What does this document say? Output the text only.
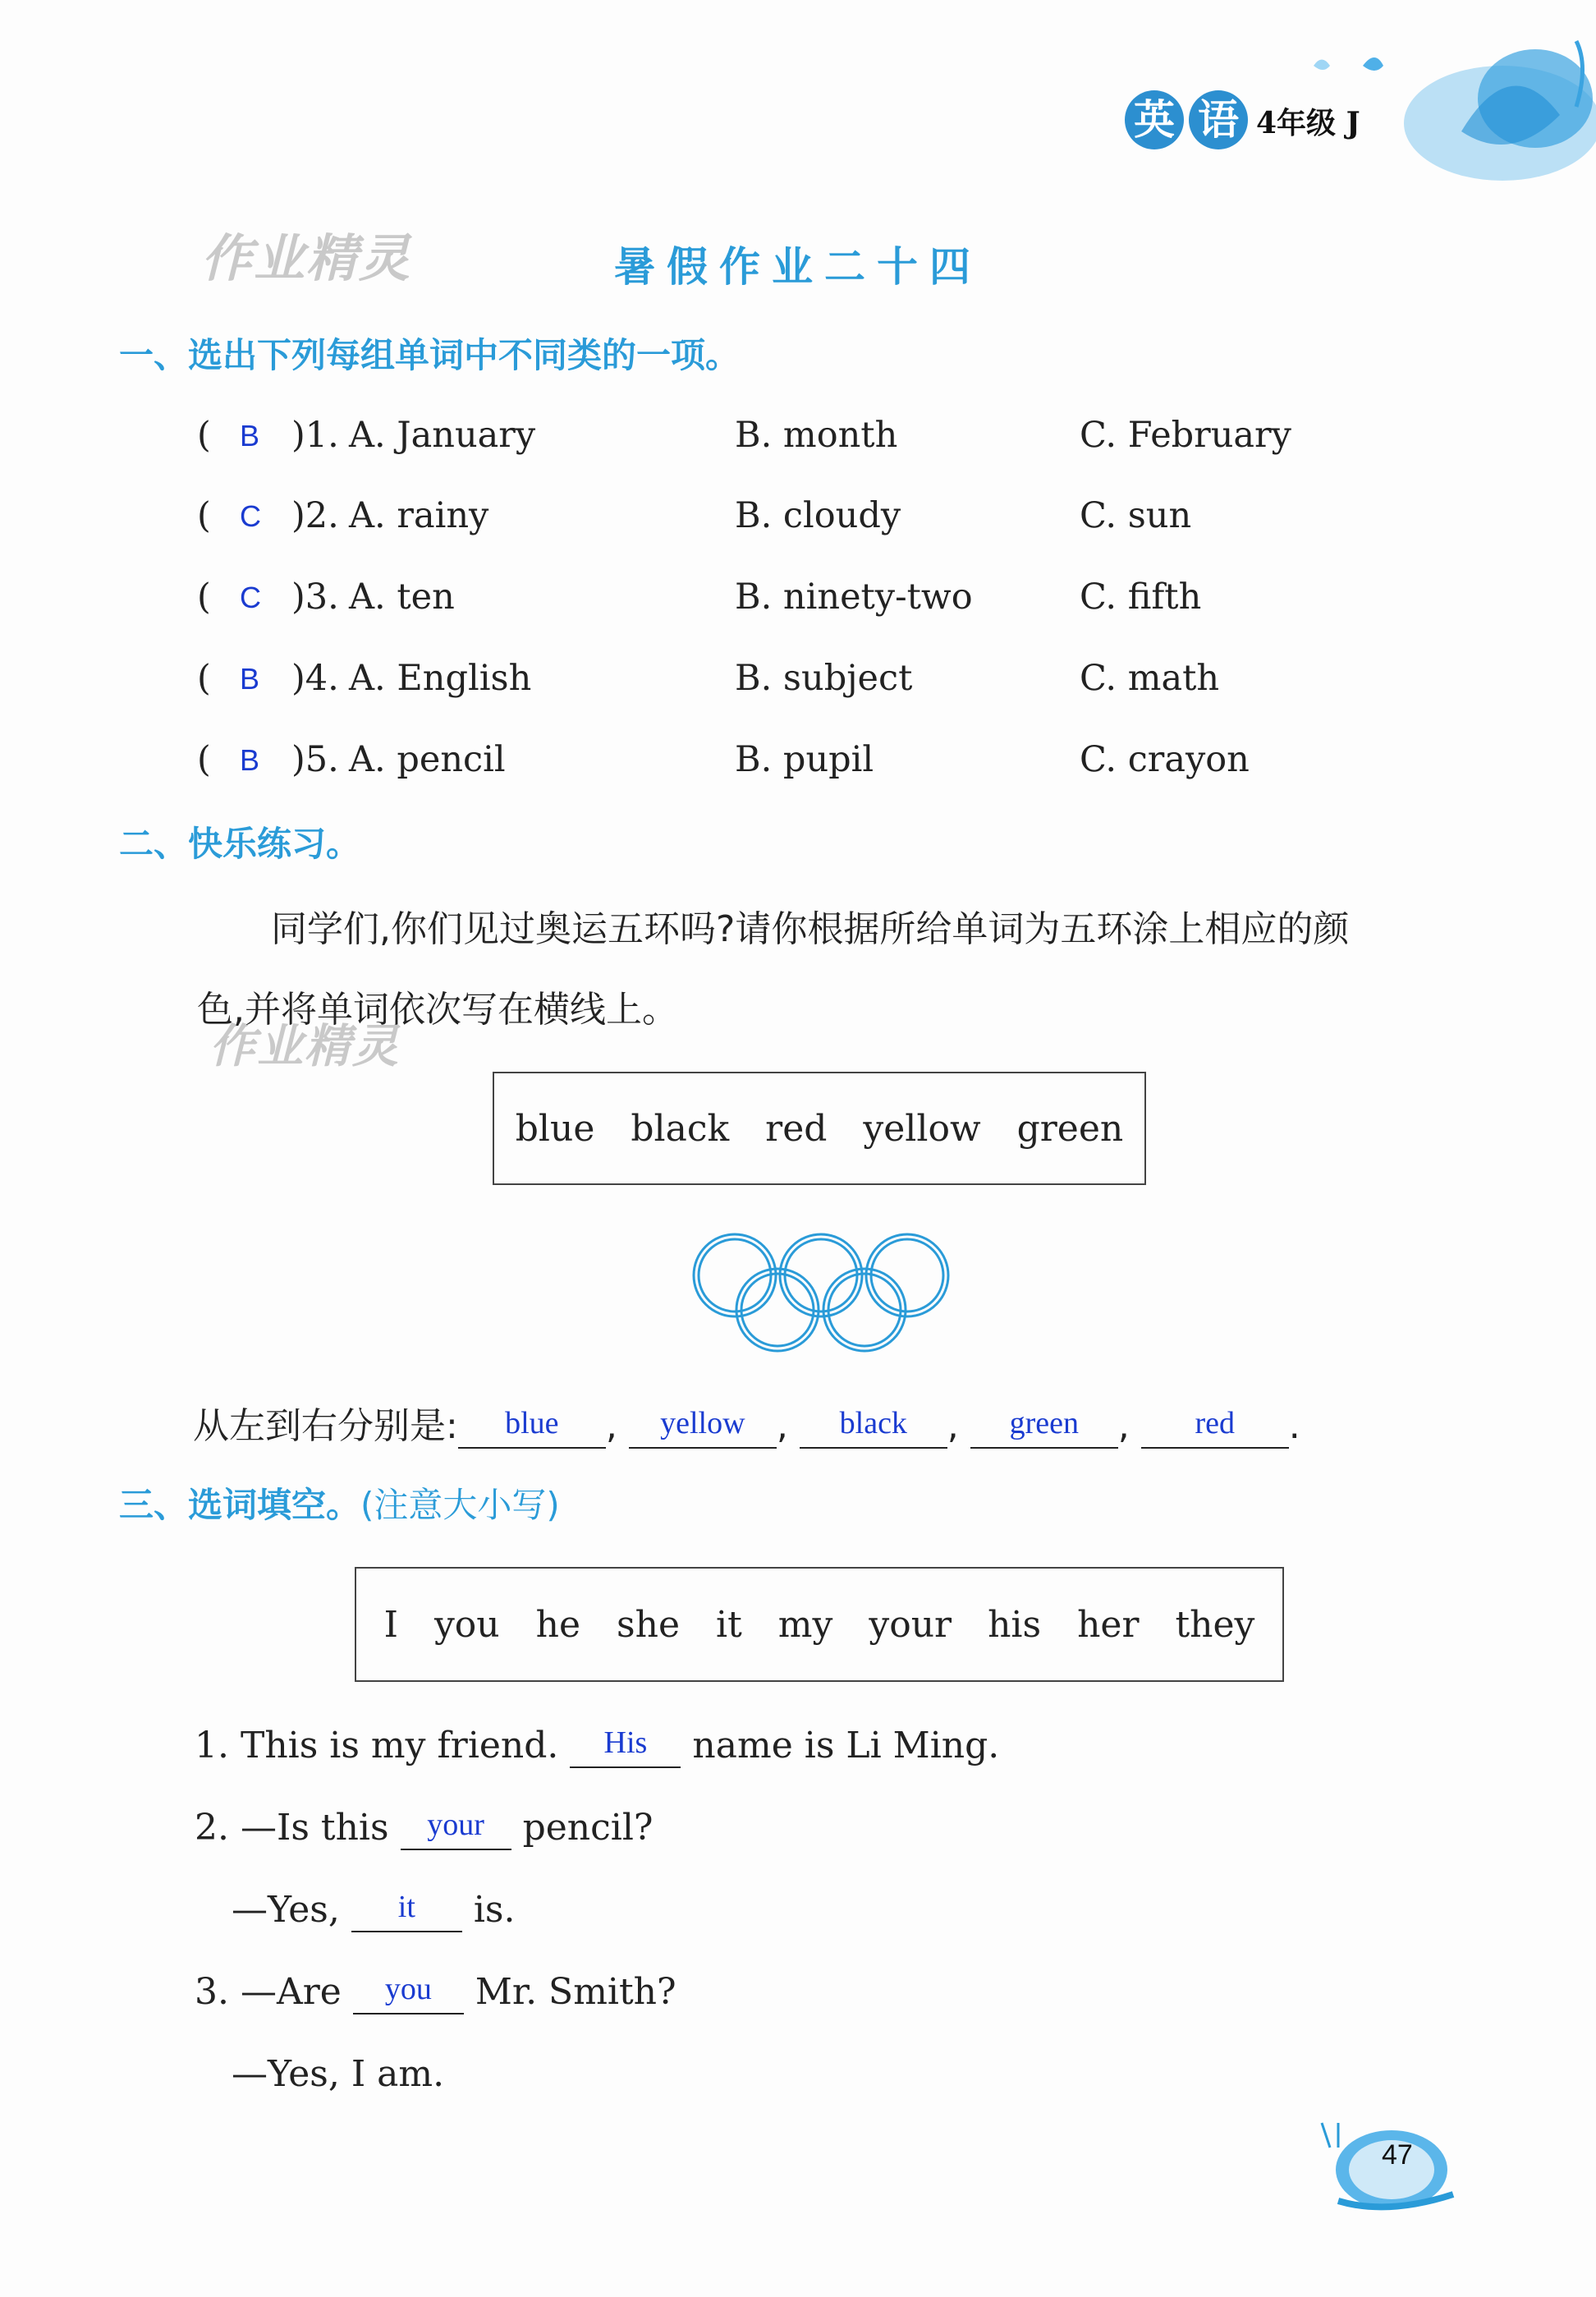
英 语 4年级 J
作业精灵
作业精灵
暑假作业二十四
一、选出下列每组单词中不同类的一项。
( B )1. A. January	B. month	C. February
( C )2. A. rainy	B. cloudy	C. sun
( C )3. A. ten	B. ninety-two	C. fifth
( B )4. A. English	B. subject	C. math
( B )5. A. pencil	B. pupil	C. crayon
二、快乐练习。
同学们,你们见过奥运五环吗?请你根据所给单词为五环涂上相应的颜
色,并将单词依次写在横线上。
blue black red yellow green
从左到右分别是: blue , yellow , black , green , red .
三、选词填空。(注意大小写)
I you he she it my your his her they
1. This is my friend. His name is Li Ming.
2. —Is this your pencil?
—Yes, it is.
3. —Are you Mr. Smith?
—Yes, I am.
47
